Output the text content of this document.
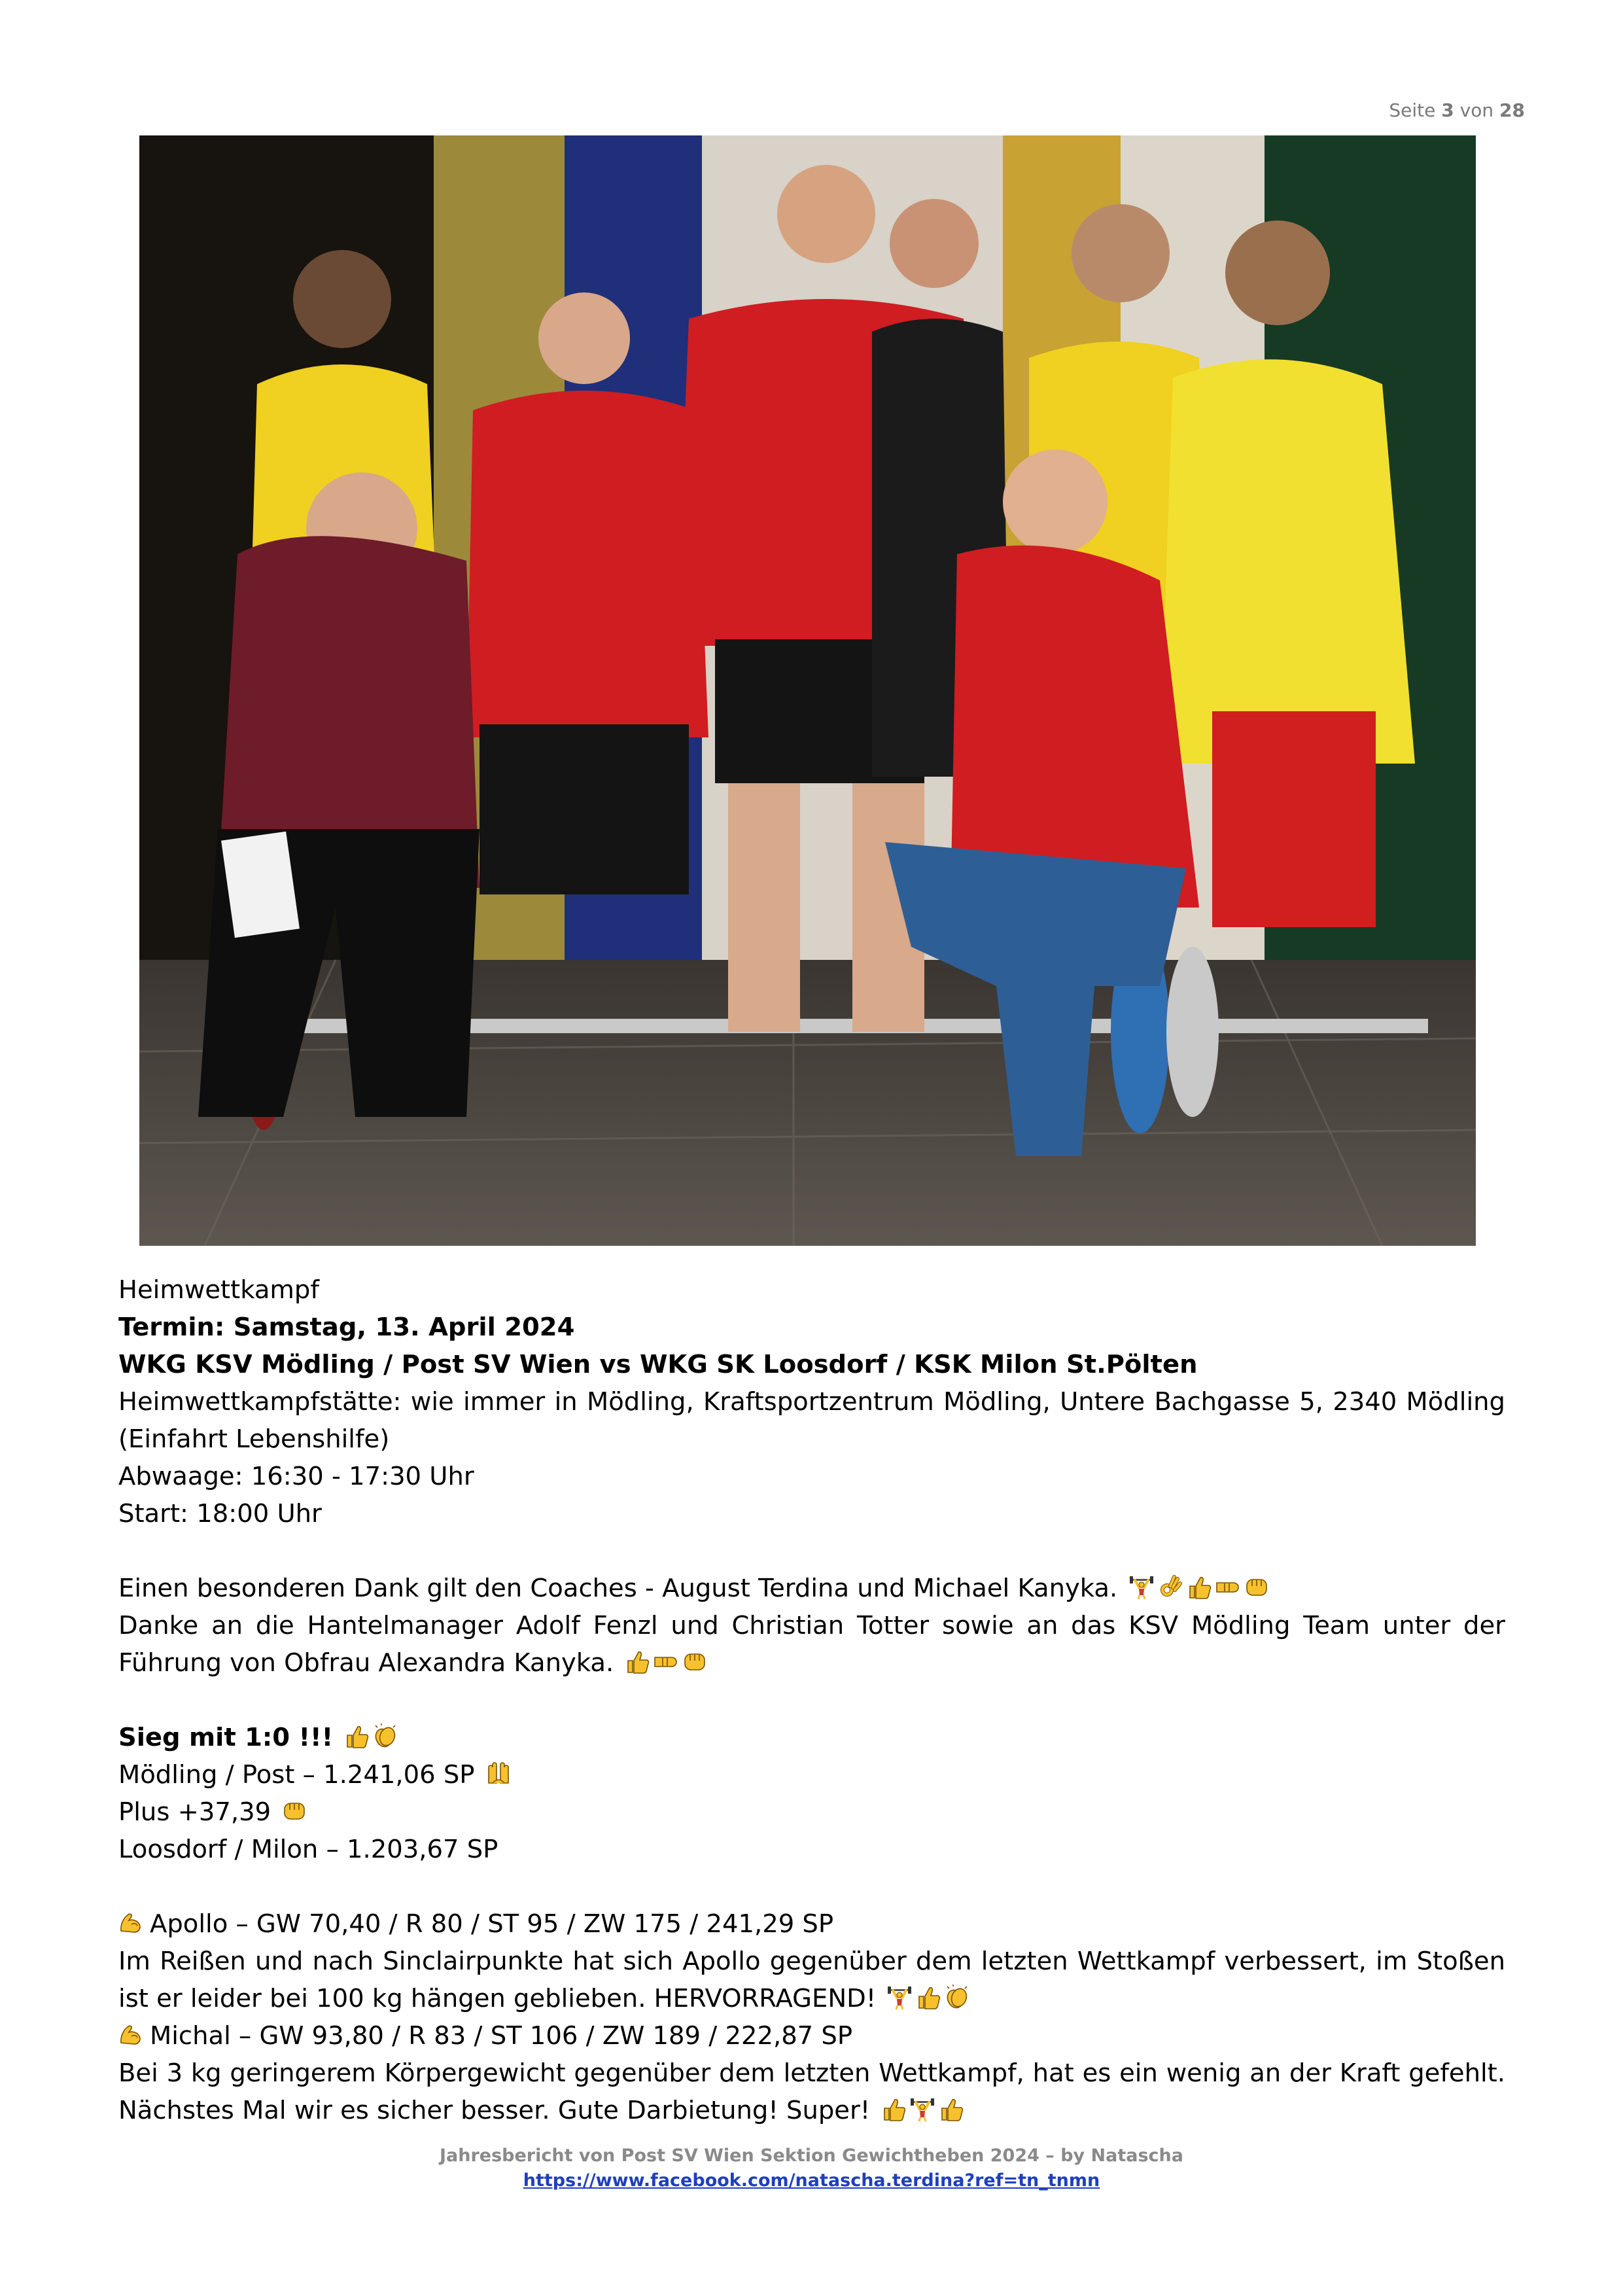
Seite 3 von 28

Heimwettkampf

Termin: Samstag, 13. April 2024

WKG KSV Mödling / Post SV Wien vs WKG SK Loosdorf / KSK Milon St.Pölten

Heimwettkampfstätte: wie immer in Mödling, Kraftsportzentrum Mödling, Untere Bachgasse 5, 2340 Mödling (Einfahrt Lebenshilfe)

Abwaage: 16:30 - 17:30 Uhr

Start: 18:00 Uhr

Einen besonderen Dank gilt den Coaches - August Terdina und Michael Kanyka.

Danke an die Hantelmanager Adolf Fenzl und Christian Totter sowie an das KSV Mödling Team unter der Führung von Obfrau Alexandra Kanyka.

Sieg mit 1:0 !!!

Mödling / Post – 1.241,06 SP

Plus +37,39

Loosdorf / Milon – 1.203,67 SP

Apollo – GW 70,40 / R 80 / ST 95 / ZW 175 / 241,29 SP

Im Reißen und nach Sinclairpunkte hat sich Apollo gegenüber dem letzten Wettkampf verbessert, im Stoßen ist er leider bei 100 kg hängen geblieben. HERVORRAGEND!

Michal – GW 93,80 / R 83 / ST 106 / ZW 189 / 222,87 SP

Bei 3 kg geringerem Körpergewicht gegenüber dem letzten Wettkampf, hat es ein wenig an der Kraft gefehlt. Nächstes Mal wir es sicher besser. Gute Darbietung! Super!

Jahresbericht von Post SV Wien Sektion Gewichtheben 2024 – by Natascha
https://www.facebook.com/natascha.terdina?ref=tn_tnmn
